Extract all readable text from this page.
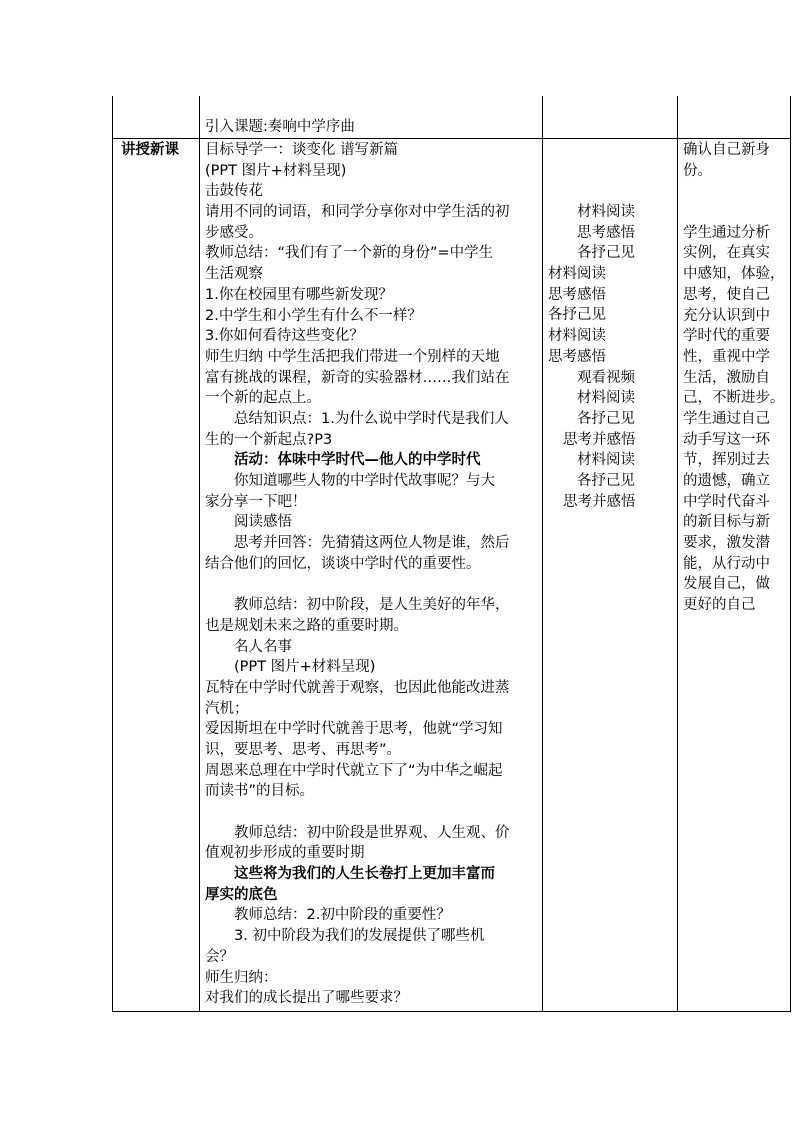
引入课题:奏响中学序曲
讲授新课 目标导学一：谈变化 谱写新篇
(PPT 图片+材料呈现)
击鼓传花
请用不同的词语，和同学分享你对中学生活的初
步感受。
教师总结：“我们有了一个新的身份”=中学生
生活观察
1.你在校园里有哪些新发现？
2.中学生和小学生有什么不一样？
3.你如何看待这些变化？
师生归纳 中学生活把我们带进一个别样的天地
富有挑战的课程，新奇的实验器材……我们站在
一个新的起点上。
总结知识点：1.为什么说中学时代是我们人
生的一个新起点?P3
活动：体味中学时代—他人的中学时代
你知道哪些人物的中学时代故事呢？与大
家分享一下吧！
阅读感悟
思考并回答：先猜猜这两位人物是谁，然后
结合他们的回忆，谈谈中学时代的重要性。
教师总结：初中阶段，是人生美好的年华，
也是规划未来之路的重要时期。
名人名事
(PPT 图片+材料呈现)
瓦特在中学时代就善于观察，也因此他能改进蒸
汽机；
爱因斯坦在中学时代就善于思考，他就“学习知
识，要思考、思考、再思考”。
周恩来总理在中学时代就立下了“为中华之崛起
而读书”的目标。
教师总结：初中阶段是世界观、人生观、价
值观初步形成的重要时期
这些将为我们的人生长卷打上更加丰富而
厚实的底色
教师总结：2.初中阶段的重要性？
3. 初中阶段为我们的发展提供了哪些机
会？
师生归纳：
对我们的成长提出了哪些要求？
材料阅读
思考感悟
各抒己见
材料阅读
思考感悟
各抒己见
材料阅读
思考感悟
观看视频
材料阅读
各抒己见
思考并感悟
材料阅读
各抒己见
思考并感悟
确认自己新身
份。
学生通过分析
实例，在真实
中感知，体验，
思考，使自己
充分认识到中
学时代的重要
性，重视中学
生活，激励自
己，不断进步。
学生通过自己
动手写这一环
节，挥别过去
的遗憾，确立
中学时代奋斗
的新目标与新
要求，激发潜
能，从行动中
发展自己，做
更好的自己
